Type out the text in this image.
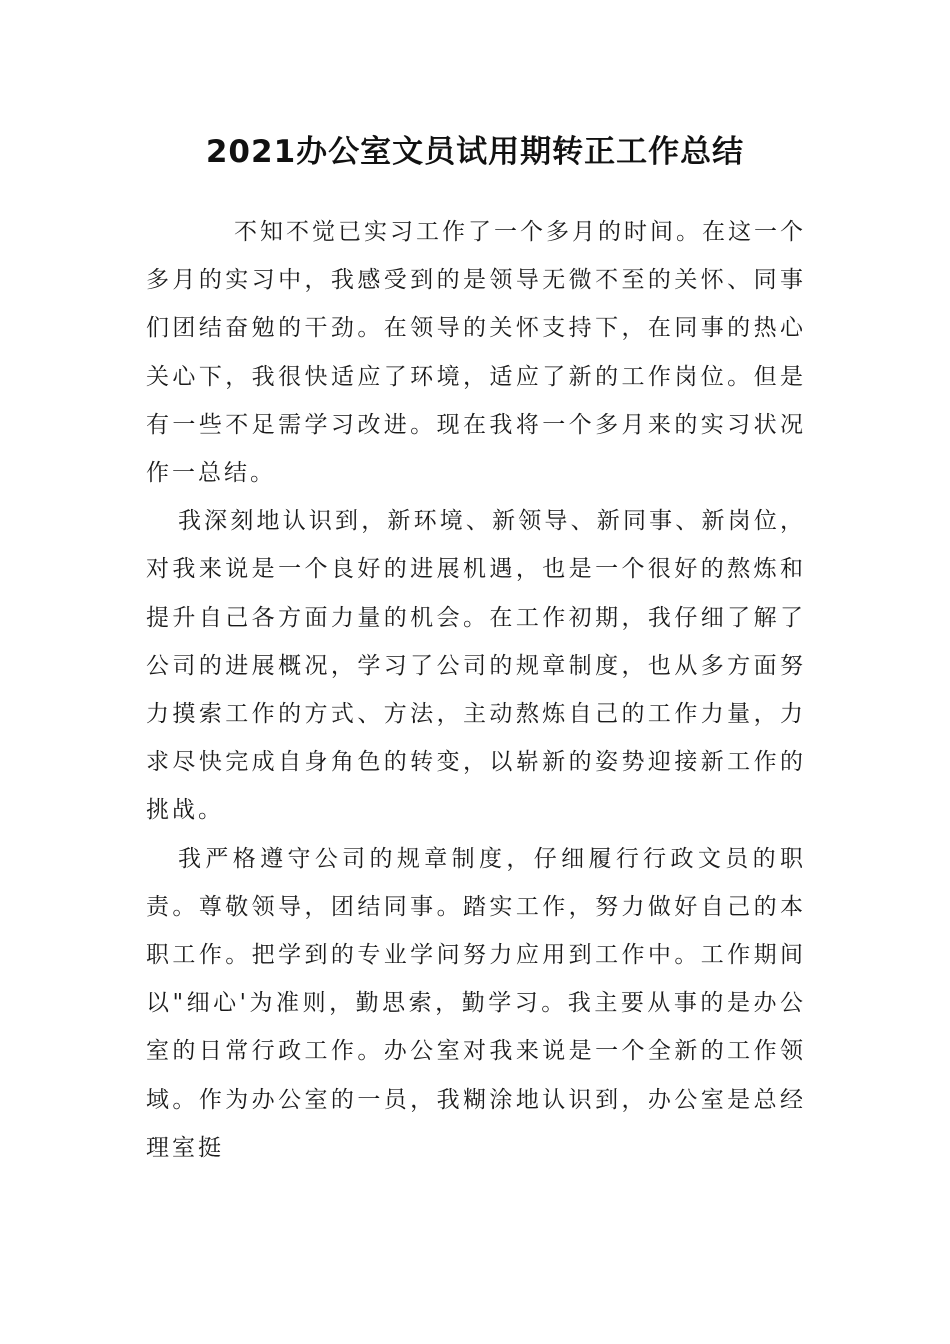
2021办公室文员试用期转正工作总结

不知不觉已实习工作了一个多月的时间。在这一个多月的实习中，我感受到的是领导无微不至的关怀、同事们团结奋勉的干劲。在领导的关怀支持下，在同事的热心关心下，我很快适应了环境，适应了新的工作岗位。但是有一些不足需学习改进。现在我将一个多月来的实习状况作一总结。

我深刻地认识到，新环境、新领导、新同事、新岗位，对我来说是一个良好的进展机遇，也是一个很好的熬炼和提升自己各方面力量的机会。在工作初期，我仔细了解了公司的进展概况，学习了公司的规章制度，也从多方面努力摸索工作的方式、方法，主动熬炼自己的工作力量，力求尽快完成自身角色的转变，以崭新的姿势迎接新工作的挑战。

我严格遵守公司的规章制度，仔细履行行政文员的职责。尊敬领导，团结同事。踏实工作，努力做好自己的本职工作。把学到的专业学问努力应用到工作中。工作期间以"细心'为准则，勤思索，勤学习。我主要从事的是办公室的日常行政工作。办公室对我来说是一个全新的工作领域。作为办公室的一员，我糊涂地认识到，办公室是总经理室挺
